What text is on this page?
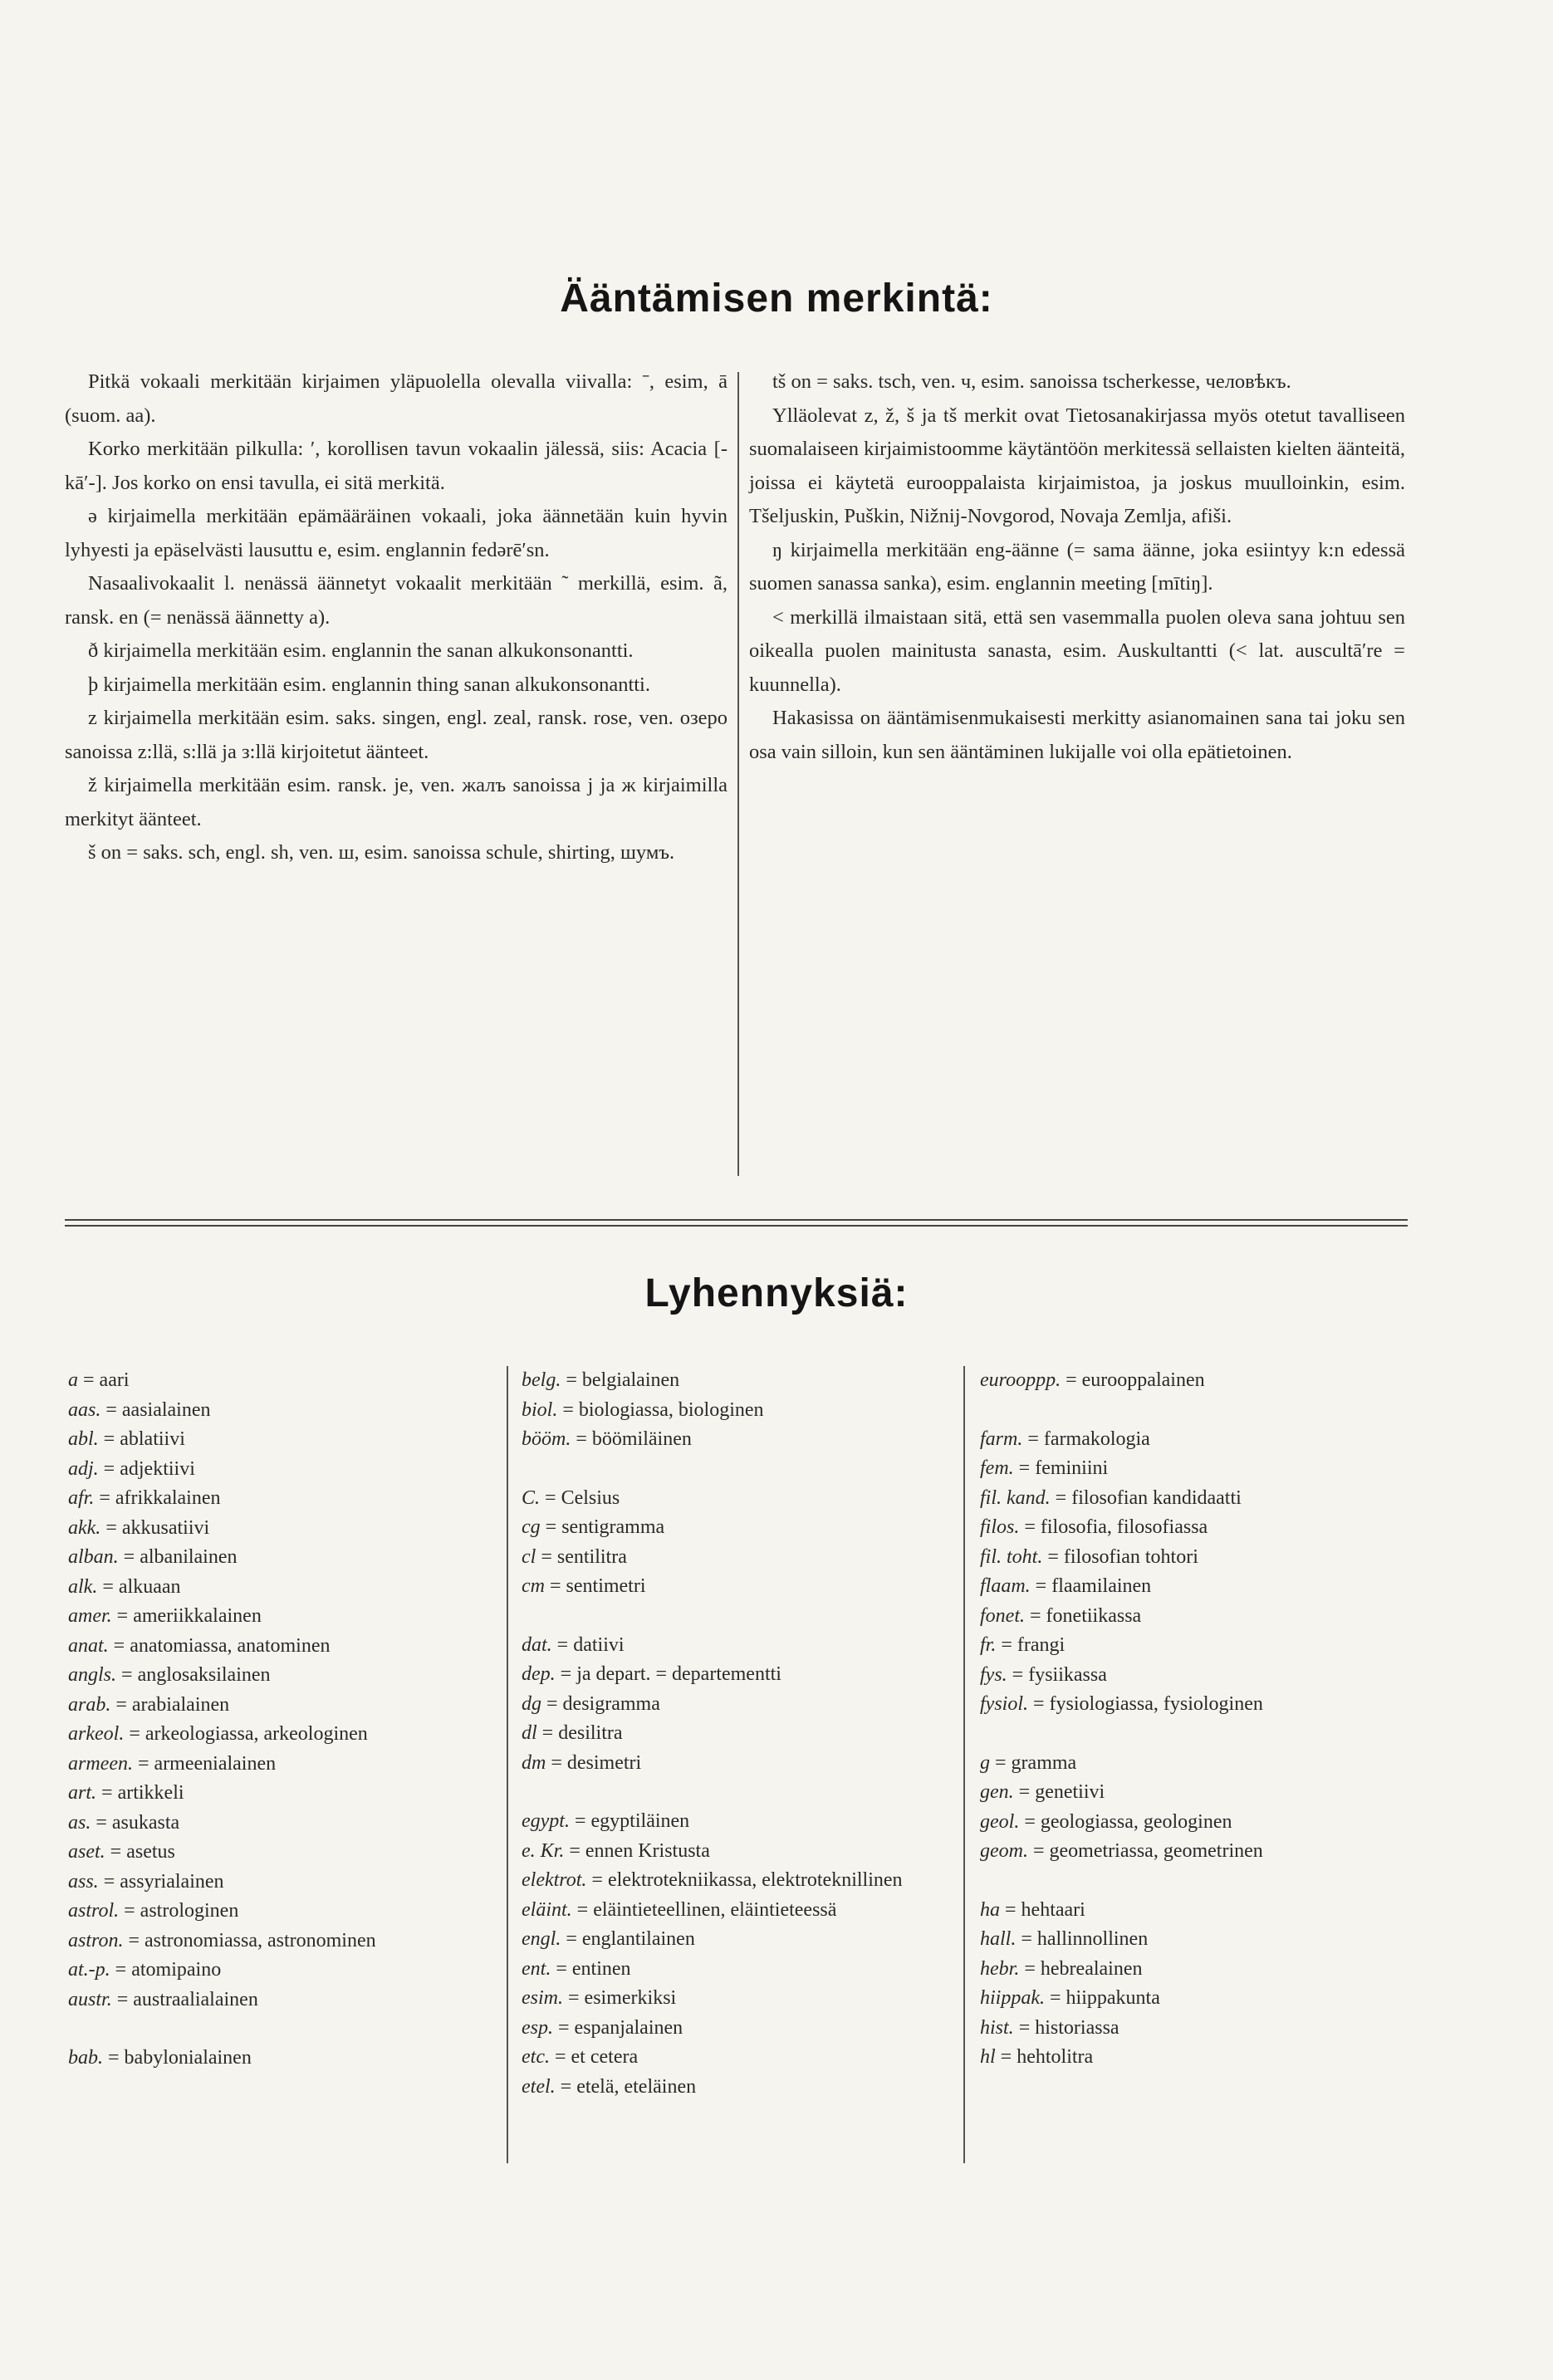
Ääntämisen merkintä:

Pitkä vokaali merkitään kirjaimen yläpuolella olevalla viivalla: ˉ, esim, ā (suom. aa).

Korko merkitään pilkulla: ′, korollisen tavun vokaalin jälessä, siis: Acacia [-kā′-]. Jos korko on ensi tavulla, ei sitä merkitä.

ə kirjaimella merkitään epämääräinen vokaali, joka äännetään kuin hyvin lyhyesti ja epäselvästi lausuttu e, esim. englannin fedərē′sn.

Nasaalivokaalit l. nenässä äännetyt vokaalit merkitään ˜ merkillä, esim. ã, ransk. en (= nenässä äännetty a).

ð kirjaimella merkitään esim. englannin the sanan alkukonsonantti.

þ kirjaimella merkitään esim. englannin thing sanan alkukonsonantti.

z kirjaimella merkitään esim. saks. singen, engl. zeal, ransk. rose, ven. озеро sanoissa z:llä, s:llä ja з:llä kirjoitetut äänteet.

ž kirjaimella merkitään esim. ransk. je, ven. жалъ sanoissa j ja ж kirjaimilla merkityt äänteet.

š on = saks. sch, engl. sh, ven. ш, esim. sanoissa schule, shirting, шумъ.

tš on = saks. tsch, ven. ч, esim. sanoissa tscherkesse, человѣкъ.

Ylläolevat z, ž, š ja tš merkit ovat Tietosanakirjassa myös otetut tavalliseen suomalaiseen kirjaimistoomme käytäntöön merkitessä sellaisten kielten äänteitä, joissa ei käytetä eurooppalaista kirjaimistoa, ja joskus muulloinkin, esim. Tšeljuskin, Puškin, Nižnij-Novgorod, Novaja Zemlja, afiši.

ŋ kirjaimella merkitään eng-äänne (= sama äänne, joka esiintyy k:n edessä suomen sanassa sanka), esim. englannin meeting [mītiŋ].

< merkillä ilmaistaan sitä, että sen vasemmalla puolen oleva sana johtuu sen oikealla puolen mainitusta sanasta, esim. Auskultantti (< lat. auscultā′re = kuunnella).

Hakasissa on ääntämisenmukaisesti merkitty asianomainen sana tai joku sen osa vain silloin, kun sen ääntäminen lukijalle voi olla epätietoinen.

Lyhennyksiä:
a = aari
aas. = aasialainen
abl. = ablatiivi
adj. = adjektiivi
afr. = afrikkalainen
akk. = akkusatiivi
alban. = albanilainen
alk. = alkuaan
amer. = ameriikkalainen
anat. = anatomiassa, anatominen
angls. = anglosaksilainen
arab. = arabialainen
arkeol. = arkeologiassa, arkeologinen
armeen. = armeenialainen
art. = artikkeli
as. = asukasta
aset. = asetus
ass. = assyrialainen
astrol. = astrologinen
astron. = astronomiassa, astronominen
at.-p. = atomipaino
austr. = austraalialainen
bab. = babylonialainen
belg. = belgialainen
biol. = biologiassa, biologinen
bööm. = böömiläinen
C. = Celsius
cg = sentigramma
cl = sentilitra
cm = sentimetri
dat. = datiivi
dep. = ja depart. = departementti
dg = desigramma
dl = desilitra
dm = desimetri
egypt. = egyptiläinen
e. Kr. = ennen Kristusta
elektrot. = elektrotekniikassa, elektroteknillinen
eläint. = eläintieteellinen, eläintieteessä
engl. = englantilainen
ent. = entinen
esim. = esimerkiksi
esp. = espanjalainen
etc. = et cetera
etel. = etelä, eteläinen
eurooppp. = eurooppalainen
farm. = farmakologia
fem. = feminiini
fil. kand. = filosofian kandidaatti
filos. = filosofia, filosofiassa
fil. toht. = filosofian tohtori
flaam. = flaamilainen
fonet. = fonetiikassa
fr. = frangi
fys. = fysiikassa
fysiol. = fysiologiassa, fysiologinen
g = gramma
gen. = genetiivi
geol. = geologiassa, geologinen
geom. = geometriassa, geometrinen
ha = hehtaari
hall. = hallinnollinen
hebr. = hebrealainen
hiippak. = hiippakunta
hist. = historiassa
hl = hehtolitra
